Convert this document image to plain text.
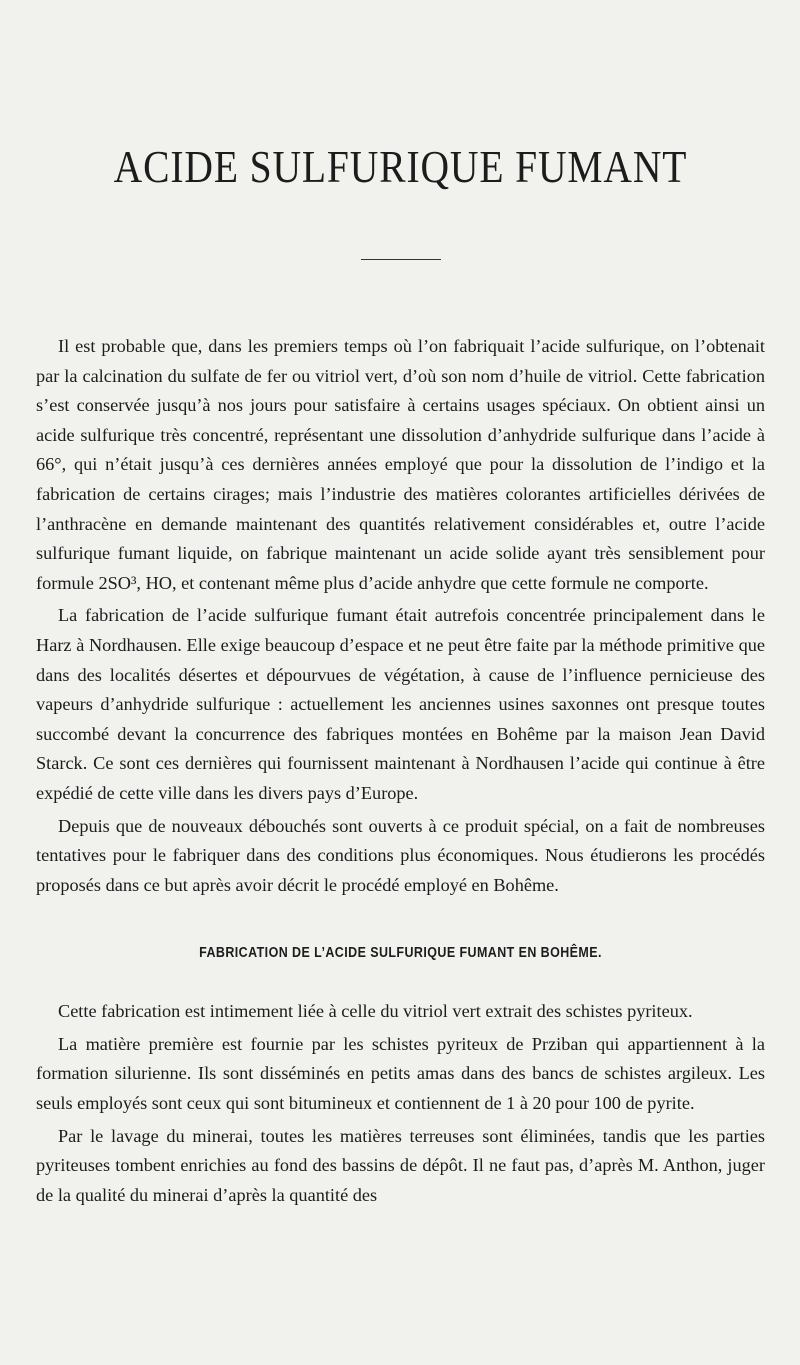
ACIDE SULFURIQUE FUMANT

Il est probable que, dans les premiers temps où l’on fabriquait l’acide sulfurique, on l’obtenait par la calcination du sulfate de fer ou vitriol vert, d’où son nom d’huile de vitriol. Cette fabrication s’est conservée jusqu’à nos jours pour satisfaire à certains usages spéciaux. On obtient ainsi un acide sulfurique très concentré, représentant une dissolution d’anhydride sulfurique dans l’acide à 66°, qui n’était jusqu’à ces dernières années employé que pour la dissolution de l’indigo et la fabrication de certains cirages; mais l’industrie des matières colorantes artificielles dérivées de l’anthracène en demande maintenant des quantités relativement considérables et, outre l’acide sulfurique fumant liquide, on fabrique maintenant un acide solide ayant très sensiblement pour formule 2SO³, HO, et contenant même plus d’acide anhydre que cette formule ne comporte.

La fabrication de l’acide sulfurique fumant était autrefois concentrée principalement dans le Harz à Nordhausen. Elle exige beaucoup d’espace et ne peut être faite par la méthode primitive que dans des localités désertes et dépourvues de végétation, à cause de l’influence pernicieuse des vapeurs d’anhydride sulfurique : actuellement les anciennes usines saxonnes ont presque toutes succombé devant la concurrence des fabriques montées en Bohême par la maison Jean David Starck. Ce sont ces dernières qui fournissent maintenant à Nordhausen l’acide qui continue à être expédié de cette ville dans les divers pays d’Europe.

Depuis que de nouveaux débouchés sont ouverts à ce produit spécial, on a fait de nombreuses tentatives pour le fabriquer dans des conditions plus économiques. Nous étudierons les procédés proposés dans ce but après avoir décrit le procédé employé en Bohême.

FABRICATION DE L’ACIDE SULFURIQUE FUMANT EN BOHÊME.

Cette fabrication est intimement liée à celle du vitriol vert extrait des schistes pyriteux.

La matière première est fournie par les schistes pyriteux de Prziban qui appartiennent à la formation silurienne. Ils sont disséminés en petits amas dans des bancs de schistes argileux. Les seuls employés sont ceux qui sont bitumineux et contiennent de 1 à 20 pour 100 de pyrite.

Par le lavage du minerai, toutes les matières terreuses sont éliminées, tandis que les parties pyriteuses tombent enrichies au fond des bassins de dépôt. Il ne faut pas, d’après M. Anthon, juger de la qualité du minerai d’après la quantité des
